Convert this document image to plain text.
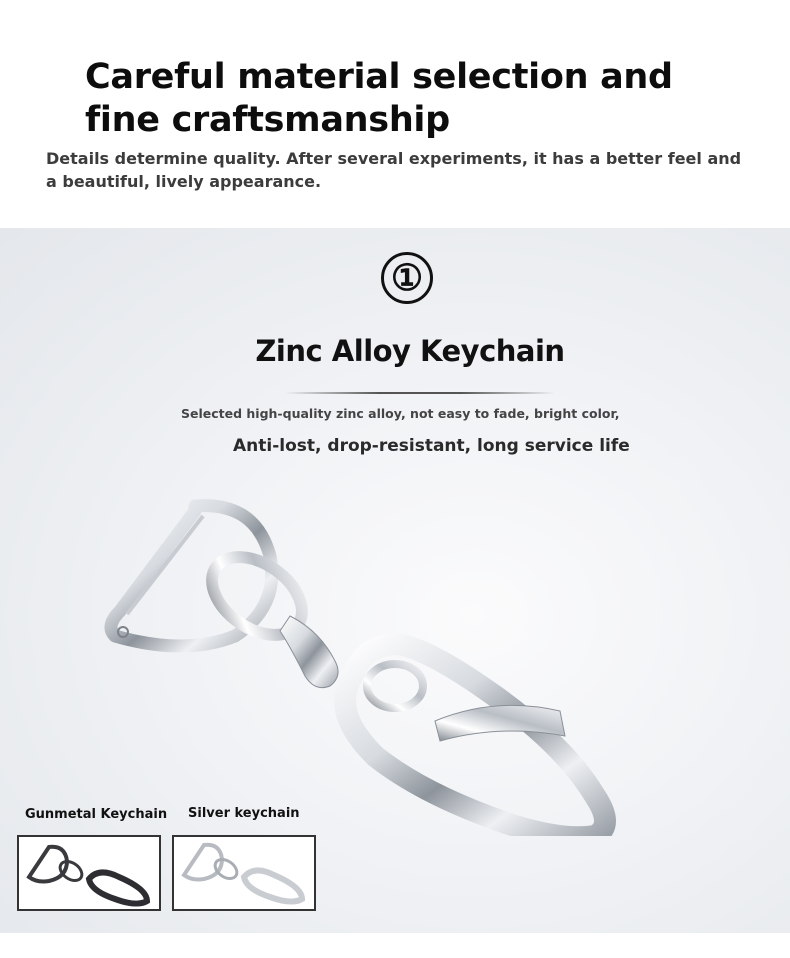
Careful material selection and fine craftsmanship
Details determine quality. After several experiments, it has a better feel and a beautiful, lively appearance.
①
Zinc Alloy Keychain
Selected high-quality zinc alloy, not easy to fade, bright color,
Anti-lost, drop-resistant, long service life
Gunmetal Keychain Silver keychain
